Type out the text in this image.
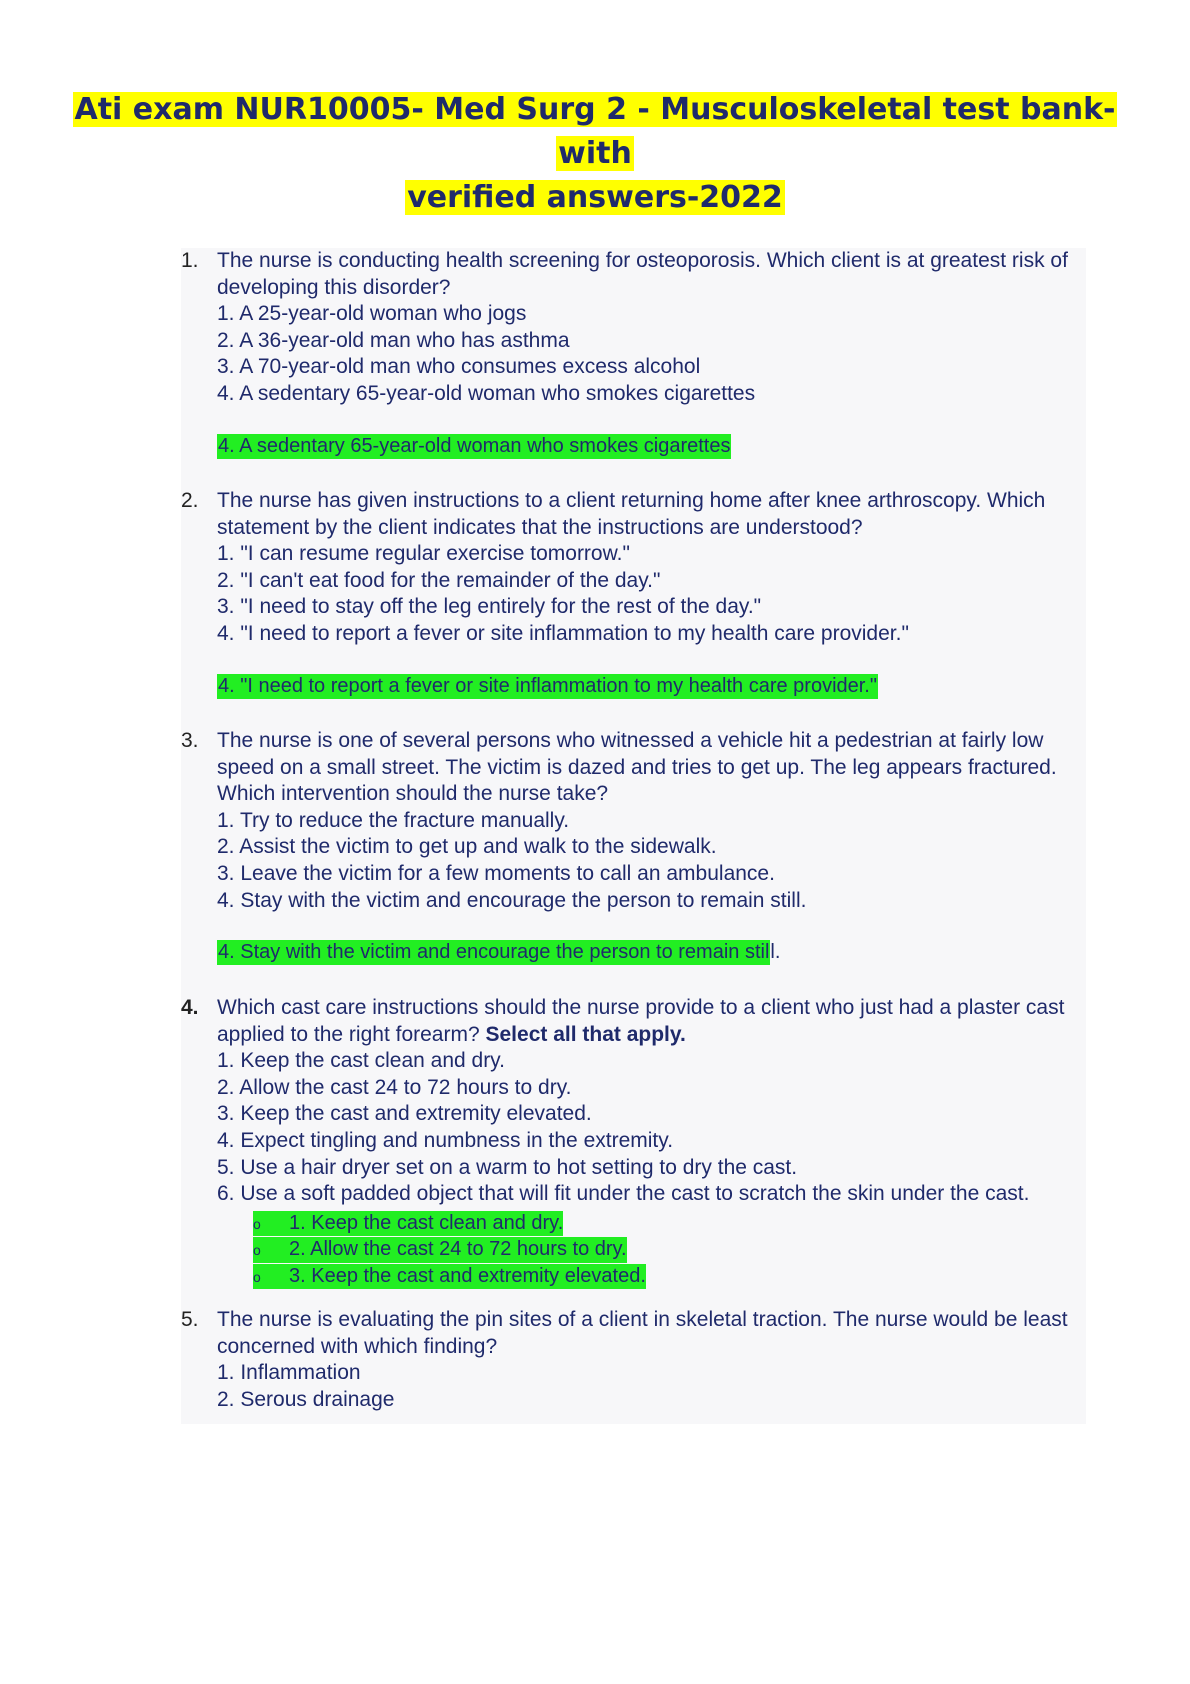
Ati exam NUR10005- Med Surg 2 - Musculoskeletal test bank-with
verified answers-2022
1. The nurse is conducting health screening for osteoporosis. Which client is at greatest risk of developing this disorder?
1. A 25-year-old woman who jogs
2. A 36-year-old man who has asthma
3. A 70-year-old man who consumes excess alcohol
4. A sedentary 65-year-old woman who smokes cigarettes
4. A sedentary 65-year-old woman who smokes cigarettes
2. The nurse has given instructions to a client returning home after knee arthroscopy. Which statement by the client indicates that the instructions are understood?
1. "I can resume regular exercise tomorrow."
2. "I can't eat food for the remainder of the day."
3. "I need to stay off the leg entirely for the rest of the day."
4. "I need to report a fever or site inflammation to my health care provider."
4. "I need to report a fever or site inflammation to my health care provider."
3. The nurse is one of several persons who witnessed a vehicle hit a pedestrian at fairly low speed on a small street. The victim is dazed and tries to get up. The leg appears fractured. Which intervention should the nurse take?
1. Try to reduce the fracture manually.
2. Assist the victim to get up and walk to the sidewalk.
3. Leave the victim for a few moments to call an ambulance.
4. Stay with the victim and encourage the person to remain still.
4. Stay with the victim and encourage the person to remain still.
4. Which cast care instructions should the nurse provide to a client who just had a plaster cast applied to the right forearm? Select all that apply.
1. Keep the cast clean and dry.
2. Allow the cast 24 to 72 hours to dry.
3. Keep the cast and extremity elevated.
4. Expect tingling and numbness in the extremity.
5. Use a hair dryer set on a warm to hot setting to dry the cast.
6. Use a soft padded object that will fit under the cast to scratch the skin under the cast.
o 1. Keep the cast clean and dry.
o 2. Allow the cast 24 to 72 hours to dry.
o 3. Keep the cast and extremity elevated.
5. The nurse is evaluating the pin sites of a client in skeletal traction. The nurse would be least concerned with which finding?
1. Inflammation
2. Serous drainage
